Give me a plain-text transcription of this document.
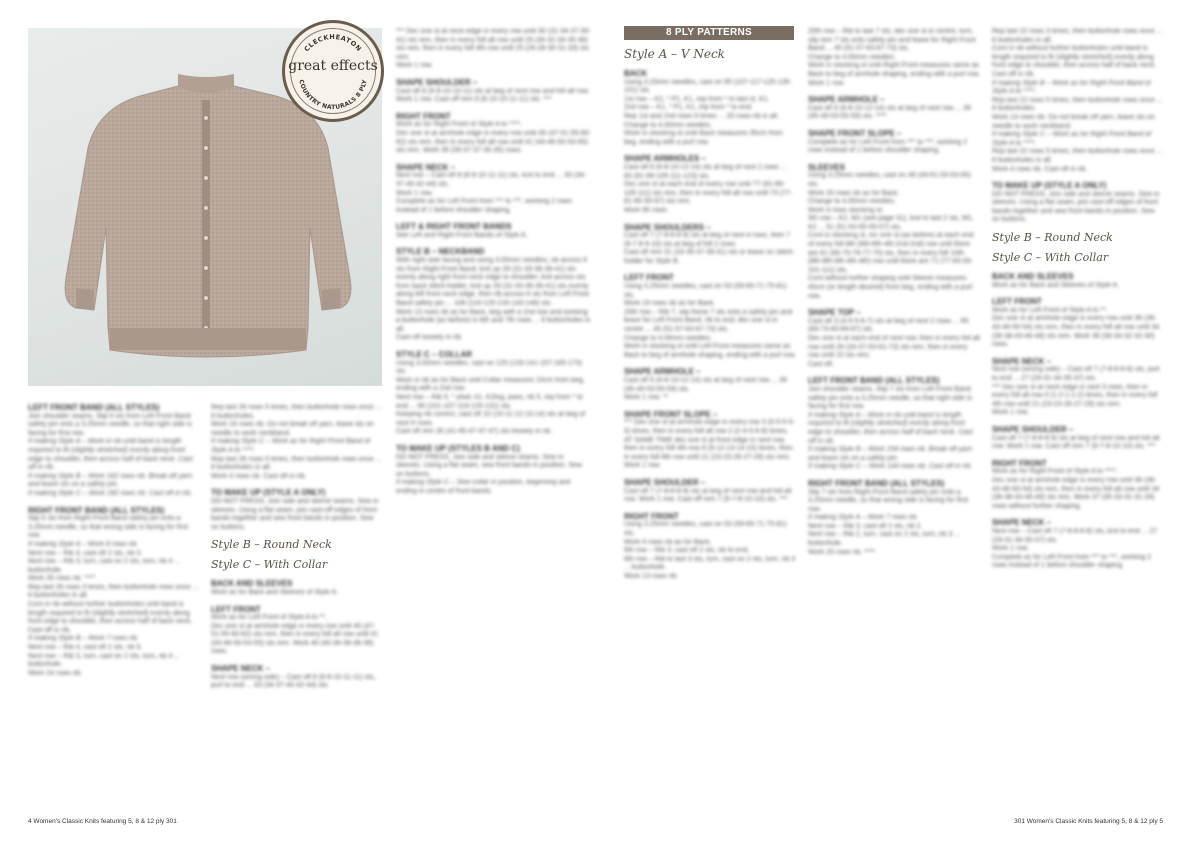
CLECKHEATON
COUNTRY NATURALS 8 PLY
great effects
LEFT FRONT BAND (ALL STYLES)
Join shoulder seams. Slip 6 sts from Left Front Band safety pin onto a 3.25mm needle, so that right side is facing for first row.
If making Style A – Work in rib until band is length required to fit (slightly stretched) evenly along front edge to shoulder, then across half of back neck. Cast off in rib.
If making Style B – Work 162 rows rib. Break off yarn and leave sts on a safety pin.
If making Style C – Work 182 rows rib. Cast off in rib.
RIGHT FRONT BAND (ALL STYLES)
Slip 6 sts from Right Front Band safety pin onto a 3.25mm needle, so that wrong side is facing for first row.
If making Style A – Work 8 rows rib.
Next row – Rib 4, cast off 2 sts, rib 3.
Next row – Rib 3, turn, cast on 2 sts, turn, rib 4 ... buttonhole.
Work 26 rows rib. ****
Rep last 26 rows 3 times, then buttonhole rows once ... 6 buttonholes in all.
Cont in rib without further buttonholes until band is length required to fit (slightly stretched) evenly along front edge to shoulder, then across half of back neck. Cast off in rib.
If making Style B – Work 7 rows rib.
Next row – Rib 4, cast off 2 sts, rib 3.
Next row – Rib 3, turn, cast on 2 sts, turn, rib 4 ... buttonhole.
Work 24 rows rib.
Rep last 26 rows 5 times, then buttonhole rows once ... 8 buttonholes.
Work 16 rows rib. Do not break off yarn, leave sts on needle to work neckband.
If making Style C – Work as for Right Front Band of Style A to ****.
Rep last 26 rows 5 times, then buttonhole rows once ... 8 buttonholes in all.
Work 4 rows rib. Cast off in rib.
TO MAKE UP (STYLE A ONLY)
DO NOT PRESS. Join side and sleeve seams. Sew in sleeves. Using a flat seam, join cast-off edges of front bands together and sew front bands in position. Sew on buttons.
Style B – Round Neck
Style C – With Collar
BACK AND SLEEVES
Work as for Back and Sleeves of Style A.
LEFT FRONT
Work as for Left Front of Style A to **.
Dec one st at armhole edge in every row until 45 (47-51-55-60-62) sts rem, then in every foll alt row until 41 (43-46-50-53-55) sts rem. Work 40 (40-36-36-36-36) rows.
SHAPE NECK –
Next row (wrong side) – Cast off 8 (8-8-10-11-11) sts, purl to end ... 33 (34-37-40-42-44) sts.
*** Dec one st at neck edge in every row until 30 (31-34-37-39-41) sts rem, then in every foll alt row until 29 (30-32-34-35-36) sts rem, then in every foll 4th row until 25 (26-28-30-31-33) sts rem.
Work 1 row.
SHAPE SHOULDER –
Cast off 8 (9-9-10-10-11) sts at beg of next row and foll alt row. Work 1 row. Cast off rem 9 (8-10-10-11-11) sts. ***
RIGHT FRONT
Work as for Right Front of Style A to ****.
Dec one st at armhole edge in every row until 45 (47-51-55-60-62) sts rem, then in every foll alt row until 41 (43-46-50-53-55) sts rem. Work 39 (39-37-37-35-35) rows.
SHAPE NECK –
Next row – Cast off 8 (8-9-10-11-11) sts, knit to end ... 33 (34-37-40-42-44) sts.
Work 1 row.
Complete as for Left Front from *** to ***, working 2 rows instead of 1 before shoulder shaping.
LEFT & RIGHT FRONT BANDS
See Left and Right Front Bands of Style A.
STYLE B – NECKBAND
With right side facing and using 3.00mm needles, rib across 6 sts from Right Front Band, knit up 29 (31-33-36-39-41) sts evenly along right front neck edge to shoulder, knit across sts from back stitch-holder, knit up 29 (31-33-36-39-41) sts evenly along left front neck edge, then rib across 6 sts from Left Front Band safety pin ... 108 (116-125-133-143-146) sts.
Work 13 rows rib as for Back, beg with a 2nd row and working a buttonhole (as before) in 6th and 7th rows ... 9 buttonholes in all.
Cast off loosely in rib.
STYLE C – COLLAR
Using 3.00mm needles, cast on 125 (133-141-157-165-173) sts.
Work in rib as for Back until Collar measures 10cm from beg, ending with a 2nd row.
Next row – Rib 5, * yfwd, k1, K2tog, pass, rib 5, rep from * to end ... 95 (101-107-119-125-131) sts.
Keeping rib correct, cast off 10 (10-11-12-13-14) sts at beg of next 6 rows.
Cast off rem 35 (41-45-47-47-47) sts loosely in rib.
TO MAKE UP (STYLES B AND C)
DO NOT PRESS. Join side and sleeve seams. Sew in sleeves. Using a flat seam, sew front bands in position. Sew on buttons.
If making Style C – Sew collar in position, beginning and ending in centre of front bands.
8 PLY PATTERNS
Style A – V Neck
BACK
Using 3.25mm needles, cast on 95 (107-117-125-135-151) sts.
1st row – K2, * P1, K1, rep from * to last st, K1.
2nd row – K1, * P1, K1, rep from * to end.
Rep 1st and 2nd rows 9 times ... 20 rows rib in all.
Change to 4.00mm needles.
Work in stocking st until Back measures 35cm from beg, ending with a purl row.
SHAPE ARMHOLES –
Cast off 6 (6-8-10-12-14) sts at beg of next 2 rows ... 83 (91-99-105-111-123) sts.
Dec one st at each end of every row until 77 (81-89-105-111) sts rem, then in every foll alt row until 73 (77-81-85-93-97) sts rem.
Work 95 rows.
SHAPE SHOULDERS –
Cast off 7 (7-8-8-8-9) sts at beg of next 4 rows, then 7 (8-7-8-9-10) sts at beg of foll 2 rows.
Cast off rem 31 (33-35-37-39-41) sts or leave on stitch-holder for Style B.
LEFT FRONT
Using 3.25mm needles, cast on 53 (59-65-71-75-81) sts.
Work 19 rows rib as for Back.
20th row – Rib 7, slip these 7 sts onto a safety pin and leave for Left Front Band, rib to end, dec one st in centre ... 45 (51-57-63-67-73) sts.
Change to 4.00mm needles.
Work in stocking st until Left Front measures same as Back to beg of armhole shaping, ending with a purl row.
SHAPE ARMHOLE –
Cast off 6 (6-8-10-12-14) sts at beg of next row ... 39 (45-49-53-55-59) sts.
Work 1 row. **
SHAPE FRONT SLOPE –
*** Dec one st at armhole edge in every row 3 (5-5-5-5-5) times, then in every foll alt row 2 (2-4-5-6-8) times, AT SAME TIME dec one st at front edge in next row, then in every foll 4th row 8 (9-12-13-14-15) times, then in every foll 6th row until 21 (23-23-26-27-29) sts rem.
Work 1 row.
SHAPE SHOULDER –
Cast off 7 (7-8-8-8-9) sts at beg of next row and foll alt row. Work 1 row. Cast off rem 7 (9-7-8-10-10) sts. ***
RIGHT FRONT
Using 3.25mm needles, cast on 53 (59-65-71-75-81) sts.
Work 4 rows rib as for Back.
5th row – Rib 3, cast off 2 sts, rib to end.
6th row – Rib to last 3 sts, turn, cast on 2 sts, turn, rib 3 ... buttonhole.
Work 13 rows rib.
20th row – Rib to last 7 sts, dec one st in centre, turn, slip rem 7 sts onto safety pin and leave for Right Front Band ... 45 (51-57-63-67-73) sts.
Change to 4.00mm needles.
Work in stocking st until Right Front measures same as Back to beg of armhole shaping, ending with a purl row.
Work 1 row.
SHAPE ARMHOLE –
Cast off 6 (6-8-10-12-14) sts at beg of next row ... 39 (45-49-53-55-59) sts. ****
SHAPE FRONT SLOPE –
Complete as for Left Front from *** to ***, working 2 rows instead of 1 before shoulder shaping.
SLEEVES
Using 3.25mm needles, cast on 49 (49-51-53-53-55) sts.
Work 20 rows rib as for Back.
Change to 4.00mm needles.
Work 4 rows stocking st.
5th row – K2, M1 (see page 31), knit to last 2 sts, M1, K2 ... 51 (51-53-55-55-57) sts.
Cont in stocking st, inc one st (as before) at each end of every foll 8th (6th-6th-4th-2nd-2nd) row until there are 61 (65-75-79-77-75) sts, then in every foll 10th (8th-8th-6th-4th-4th) row until there are 71 (77-83-93-101-111) sts.
Cont without further shaping until Sleeve measures 45cm (or length desired) from beg, ending with a purl row.
SHAPE TOP –
Cast off 3 (4-5-5-6-7) sts at beg of next 2 rows ... 65 (69-73-83-89-97) sts.
Dec one st at each end of next row, then in every foll alt row until 29 (33-37-53-61-73) sts rem, then in every row until 15 sts rem.
Cast off.
LEFT FRONT BAND (ALL STYLES)
Join shoulder seams. Slip 7 sts from Left Front Band safety pin onto a 3.25mm needle, so that right side is facing for first row.
If making Style A – Work in rib until band is length required to fit (slightly stretched) evenly along front edge to shoulder, then across half of back neck. Cast off in rib.
If making Style B – Work 154 rows rib. Break off yarn and leave sts on a safety pin.
If making Style C – Work 144 rows rib. Cast off in rib.
RIGHT FRONT BAND (ALL STYLES)
Slip 7 sts from Right Front Band safety pin onto a 3.25mm needle, so that wrong side is facing for first row.
If making Style A – Work 7 rows rib.
Next row – Rib 3, cast off 2 sts, rib 2.
Next row – Rib 2, turn, cast on 2 sts, turn, rib 3 ... buttonhole.
Work 20 rows rib. ****
Rep last 22 rows 3 times, then buttonhole rows once ... 6 buttonholes in all.
Cont in rib without further buttonholes until band is length required to fit (slightly stretched) evenly along front edge to shoulder, then across half of back neck. Cast off in rib.
If making Style B – Work as for Right Front Band of Style A to ****.
Rep last 22 rows 5 times, then buttonhole rows once ... 8 buttonholes.
Work 14 rows rib. Do not break off yarn, leave sts on needle to work neckband.
If making Style C – Work as for Right Front Band of Style A to ****.
Rep last 22 rows 5 times, then buttonhole rows once ... 8 buttonholes in all.
Work 4 rows rib. Cast off in rib.
TO MAKE UP (STYLE A ONLY)
DO NOT PRESS. Join side and sleeve seams. Sew in sleeves. Using a flat seam, join cast-off edges of front bands together and sew front bands in position. Sew on buttons.
Style B – Round Neck
Style C – With Collar
BACK AND SLEEVES
Work as for Back and Sleeves of Style A.
LEFT FRONT
Work as for Left Front of Style A to **.
Dec one st at armhole edge in every row until 36 (36-43-46-50-54) sts rem, then in every foll alt row until 34 (36-38-43-46-48) sts rem. Work 38 (36-34-32-32-30) rows.
SHAPE NECK –
Next row (wrong side) – Cast off 7 (7-8-8-8-8) sts, purl to end ... 27 (29-31-34-35-37) sts.
*** Dec one st at neck edge in next 3 rows, then in every foll alt row 0 (1-2-1-1-2) times, then in every foll 4th row until 21 (23-23-26-27-29) sts rem.
Work 1 row.
SHAPE SHOULDER –
Cast off 7 (7-8-8-8-9) sts at beg of next row and foll alt row. Work 1 row. Cast off rem 7 (9-7-8-10-10) sts. ***
RIGHT FRONT
Work as for Right Front of Style A to ****.
Dec one st at armhole edge in every row until 36 (36-43-46-50-54) sts rem, then in every foll alt row until 34 (36-38-43-46-48) sts rem. Work 37 (35-33-31-31-29) rows without further shaping.
SHAPE NECK –
Next row – Cast off 7 (7-8-8-8-8) sts, knit to end ... 27 (29-31-34-35-37) sts.
Work 1 row.
Complete as for Left Front from *** to ***, working 2 rows instead of 1 before shoulder shaping.
4 Women's Classic Knits featuring 5, 8 & 12 ply 301	301 Women's Classic Knits featuring 5, 8 & 12 ply 5
